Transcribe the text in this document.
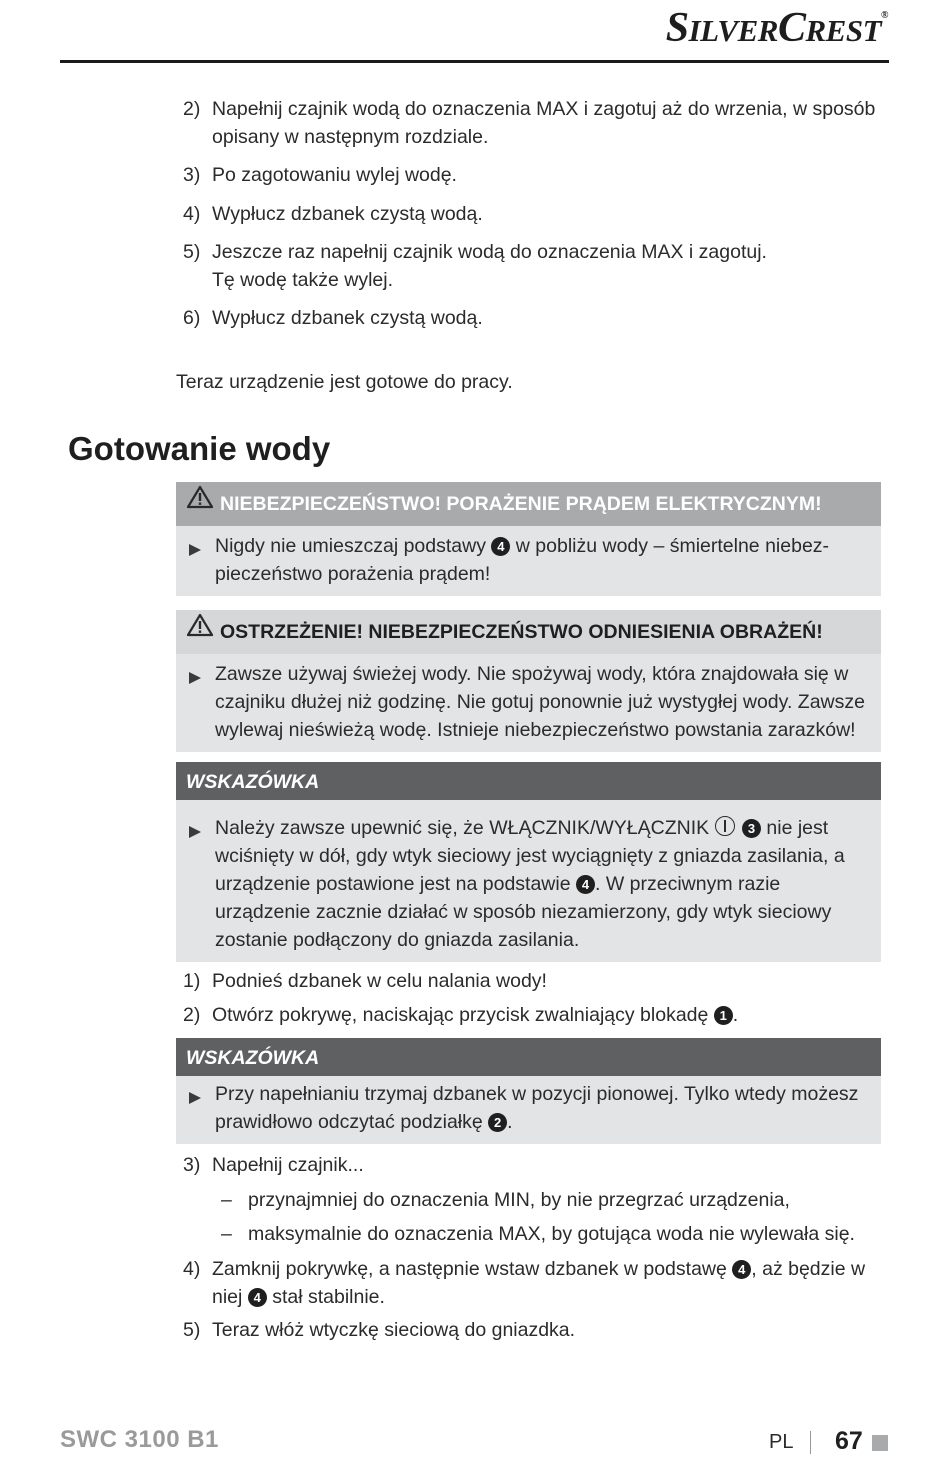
SILVERCREST®
2) Napełnij czajnik wodą do oznaczenia MAX i zagotuj aż do wrzenia, w sposób opisany w następnym rozdziale.
3) Po zagotowaniu wylej wodę.
4) Wypłucz dzbanek czystą wodą.
5) Jeszcze raz napełnij czajnik wodą do oznaczenia MAX i zagotuj.
Tę wodę także wylej.
6) Wypłucz dzbanek czystą wodą.
Teraz urządzenie jest gotowe do pracy.
Gotowanie wody
NIEBEZPIECZEŃSTWO! PORAŻENIE PRĄDEM ELEKTRYCZNYM!
Nigdy nie umieszczaj podstawy 4 w pobliżu wody – śmiertelne niebez-pieczeństwo porażenia prądem!
OSTRZEŻENIE! NIEBEZPIECZEŃSTWO ODNIESIENIA OBRAŻEŃ!
Zawsze używaj świeżej wody. Nie spożywaj wody, która znajdowała się w czajniku dłużej niż godzinę. Nie gotuj ponownie już wystygłej wody. Zawsze wylewaj nieświeżą wodę. Istnieje niebezpieczeństwo powstania zarazków!
WSKAZÓWKA
Należy zawsze upewnić się, że WŁĄCZNIK/WYŁĄCZNIK	3 nie jest wciśnięty w dół, gdy wtyk sieciowy jest wyciągnięty z gniazda zasilania, a urządzenie postawione jest na podstawie 4 . W przeciwnym razie urządzenie zacznie działać w sposób niezamierzony, gdy wtyk sieciowy zostanie podłączony do gniazda zasilania.
1) Podnieś dzbanek w celu nalania wody!
2) Otwórz pokrywę, naciskając przycisk zwalniający blokadę 1 .
WSKAZÓWKA
Przy napełnianiu trzymaj dzbanek w pozycji pionowej. Tylko wtedy możesz prawidłowo odczytać podziałkę 2 .
3) Napełnij czajnik...
– przynajmniej do oznaczenia MIN, by nie przegrzać urządzenia,
– maksymalnie do oznaczenia MAX, by gotująca woda nie wylewała się.
4) Zamknij pokrywkę, a następnie wstaw dzbanek w podstawę 4 , aż będzie w niej 4 stał stabilnie.
5) Teraz włóż wtyczkę sieciową do gniazdka.
SWC 3100 B1	PL 67
